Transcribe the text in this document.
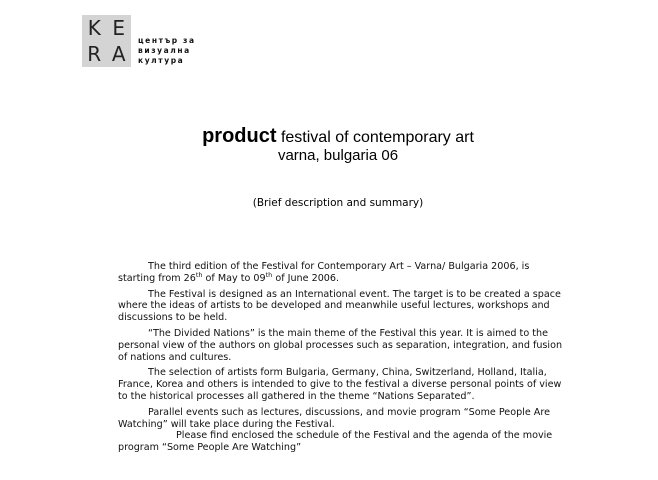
K E
R A
център за
визуална
култура
product festival of contemporary art
varna, bulgaria 06
(Brief description and summary)

The third edition of the Festival for Contemporary Art – Varna/ Bulgaria 2006, is starting from 26th of May to 09th of June 2006.

The Festival is designed as an International event. The target is to be created a space where the ideas of artists to be developed and meanwhile useful lectures, workshops and discussions to be held.

“The Divided Nations” is the main theme of the Festival this year. It is aimed to the personal view of the authors on global processes such as separation, integration, and fusion of nations and cultures.

The selection of artists form Bulgaria, Germany, China, Switzerland, Holland, Italia, France, Korea and others is intended to give to the festival a diverse personal points of view to the historical processes all gathered in the theme “Nations Separated”.

Parallel events such as lectures, discussions, and movie program “Some People Are Watching” will take place during the Festival.

Please find enclosed the schedule of the Festival and the agenda of the movie program “Some People Are Watching”
